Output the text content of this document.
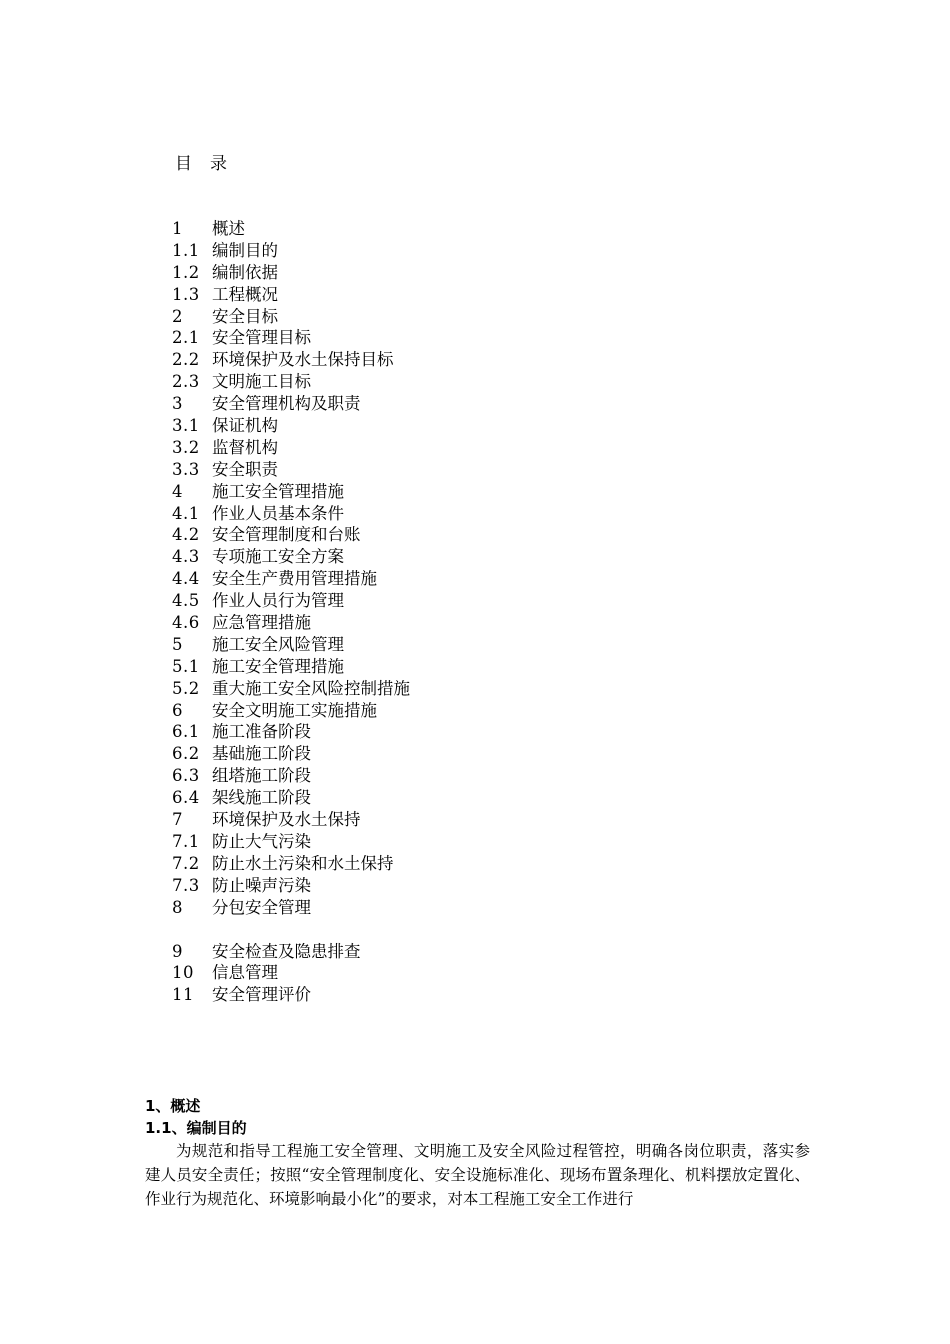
目 录
1 概述
1.1 编制目的
1.2 编制依据
1.3 工程概况
2 安全目标
2.1 安全管理目标
2.2 环境保护及水土保持目标
2.3 文明施工目标
3 安全管理机构及职责
3.1 保证机构
3.2 监督机构
3.3 安全职责
4 施工安全管理措施
4.1 作业人员基本条件
4.2 安全管理制度和台账
4.3 专项施工安全方案
4.4 安全生产费用管理措施
4.5 作业人员行为管理
4.6 应急管理措施
5 施工安全风险管理
5.1 施工安全管理措施
5.2 重大施工安全风险控制措施
6 安全文明施工实施措施
6.1 施工准备阶段
6.2 基础施工阶段
6.3 组塔施工阶段
6.4 架线施工阶段
7 环境保护及水土保持
7.1 防止大气污染
7.2 防止水土污染和水土保持
7.3 防止噪声污染
8 分包安全管理
9 安全检查及隐患排查
10 信息管理
11 安全管理评价

1、概述

1.1、编制目的

为规范和指导工程施工安全管理、文明施工及安全风险过程管控，明确各岗位职责，落实参建人员安全责任；按照“安全管理制度化、安全设施标准化、现场布置条理化、机料摆放定置化、作业行为规范化、环境影响最小化”的要求，对本工程施工安全工作进行
